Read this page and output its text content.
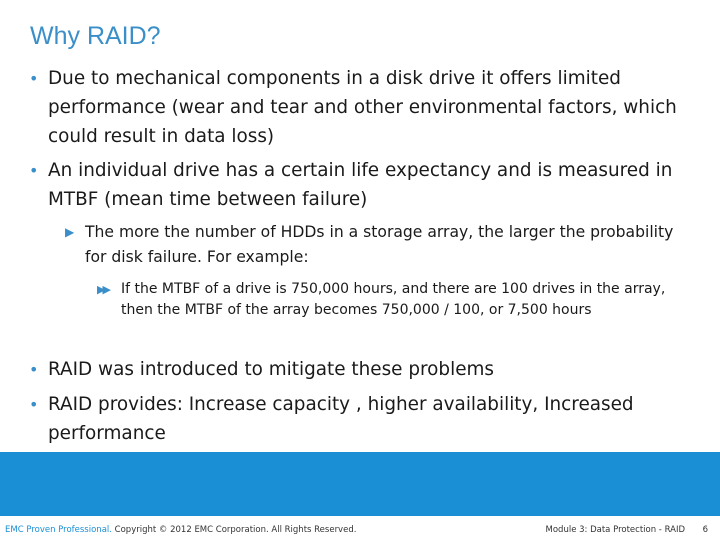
Why RAID?
• Due to mechanical components in a disk drive it offers limited performance (wear and tear and other environmental factors, which could result in data loss)
• An individual drive has a certain life expectancy and is measured in MTBF (mean time between failure)
▶ The more the number of HDDs in a storage array, the larger the probability for disk failure. For example:
▶▶ If the MTBF of a drive is 750,000 hours, and there are 100 drives in the array, then the MTBF of the array becomes 750,000 / 100, or 7,500 hours
• RAID was introduced to mitigate these problems
• RAID provides: Increase capacity , higher availability, Increased performance
EMC Proven Professional. Copyright © 2012 EMC Corporation. All Rights Reserved.	Module 3: Data Protection - RAID 6
